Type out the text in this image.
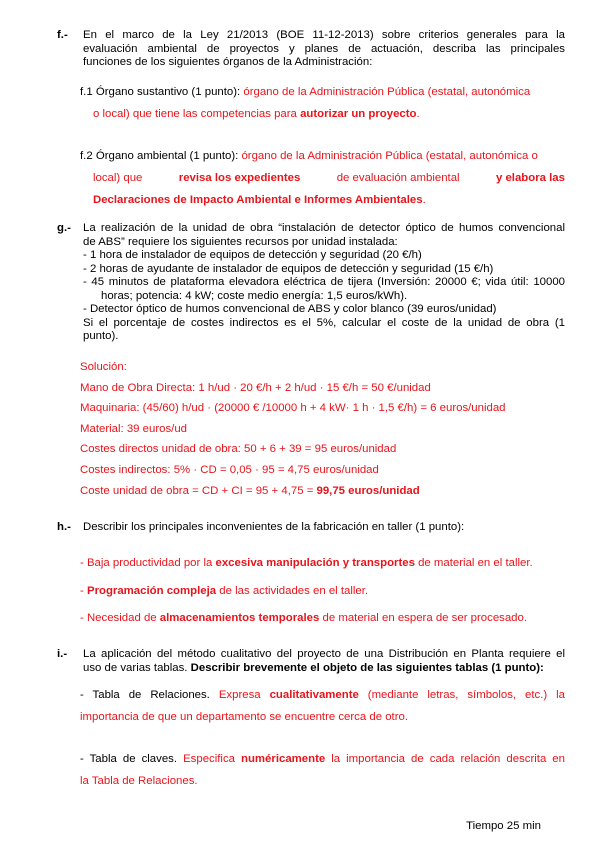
f.- En el marco de la Ley 21/2013 (BOE 11-12-2013) sobre criterios generales para la
evaluación ambiental de proyectos y planes de actuación, describa las principales
funciones de los siguientes órganos de la Administración:
f.1 Órgano sustantivo (1 punto): órgano de la Administración Pública (estatal, autonómica
o local) que tiene las competencias para autorizar un proyecto.
f.2 Órgano ambiental (1 punto): órgano de la Administración Pública (estatal, autonómica o
local) que	revisa los expedientes	de evaluación ambiental	y elabora las
Declaraciones de Impacto Ambiental e Informes Ambientales.
g.- La realización de la unidad de obra “instalación de detector óptico de humos convencional
de ABS” requiere los siguientes recursos por unidad instalada:
- 1 hora de instalador de equipos de detección y seguridad (20 €/h)
- 2 horas de ayudante de instalador de equipos de detección y seguridad (15 €/h)
- 45 minutos de plataforma elevadora eléctrica de tijera (Inversión: 20000 €; vida útil: 10000
horas; potencia: 4 kW; coste medio energía: 1,5 euros/kWh).
- Detector óptico de humos convencional de ABS y color blanco (39 euros/unidad)
Si el porcentaje de costes indirectos es el 5%, calcular el coste de la unidad de obra (1
punto).
Solución:
Mano de Obra Directa: 1 h/ud · 20 €/h + 2 h/ud · 15 €/h = 50 €/unidad
Maquinaria: (45/60) h/ud · (20000 € /10000 h + 4 kW· 1 h · 1,5 €/h) = 6 euros/unidad
Material: 39 euros/ud
Costes directos unidad de obra: 50 + 6 + 39 = 95 euros/unidad
Costes indirectos: 5% · CD = 0,05 · 95 = 4,75 euros/unidad
Coste unidad de obra = CD + CI = 95 + 4,75 = 99,75 euros/unidad
h.- Describir los principales inconvenientes de la fabricación en taller (1 punto):
- Baja productividad por la excesiva manipulación y transportes de material en el taller.
- Programación compleja de las actividades en el taller.
- Necesidad de almacenamientos temporales de material en espera de ser procesado.
i.- La aplicación del método cualitativo del proyecto de una Distribución en Planta requiere el
uso de varias tablas. Describir brevemente el objeto de las siguientes tablas (1 punto):
- Tabla de Relaciones. Expresa cualitativamente (mediante letras, símbolos, etc.) la
importancia de que un departamento se encuentre cerca de otro.
- Tabla de claves. Especifica numéricamente la importancia de cada relación descrita en
la Tabla de Relaciones.
Tiempo 25 min
